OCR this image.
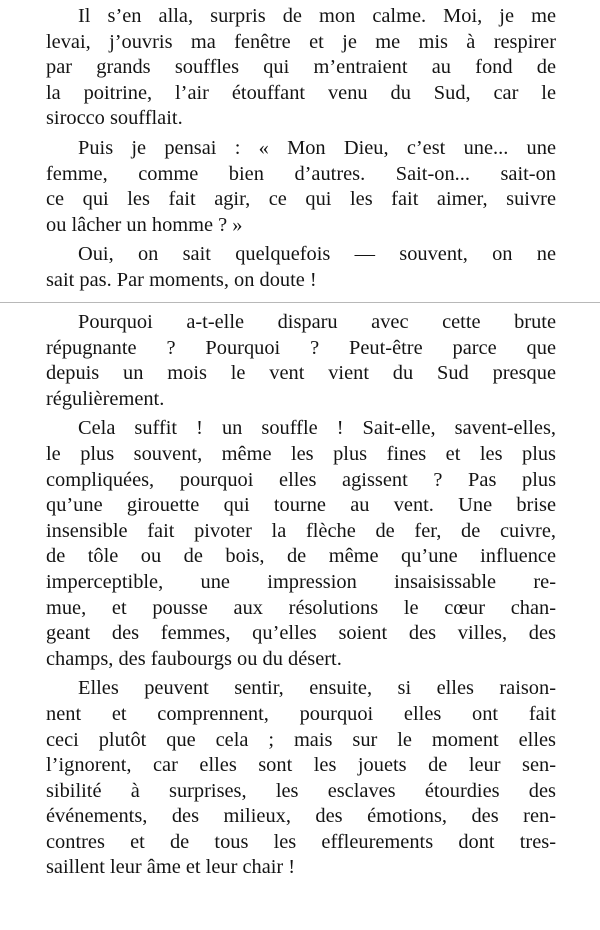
Il s’en alla, surpris de mon calme. Moi, je me
levai, j’ouvris ma fenêtre et je me mis à respirer
par grands souffles qui m’entraient au fond de
la poitrine, l’air étouffant venu du Sud, car le
sirocco soufflait.
Puis je pensai : « Mon Dieu, c’est une... une
femme, comme bien d’autres. Sait-on... sait-on
ce qui les fait agir, ce qui les fait aimer, suivre
ou lâcher un homme ? »
Oui, on sait quelquefois — souvent, on ne
sait pas. Par moments, on doute !
Pourquoi a-t-elle disparu avec cette brute
répugnante ? Pourquoi ? Peut-être parce que
depuis un mois le vent vient du Sud presque
régulièrement.
Cela suffit ! un souffle ! Sait-elle, savent-elles,
le plus souvent, même les plus fines et les plus
compliquées, pourquoi elles agissent ? Pas plus
qu’une girouette qui tourne au vent. Une brise
insensible fait pivoter la flèche de fer, de cuivre,
de tôle ou de bois, de même qu’une influence
imperceptible, une impression insaisissable re-
mue, et pousse aux résolutions le cœur chan-
geant des femmes, qu’elles soient des villes, des
champs, des faubourgs ou du désert.
Elles peuvent sentir, ensuite, si elles raison-
nent et comprennent, pourquoi elles ont fait
ceci plutôt que cela ; mais sur le moment elles
l’ignorent, car elles sont les jouets de leur sen-
sibilité à surprises, les esclaves étourdies des
événements, des milieux, des émotions, des ren-
contres et de tous les effleurements dont tres-
saillent leur âme et leur chair !
